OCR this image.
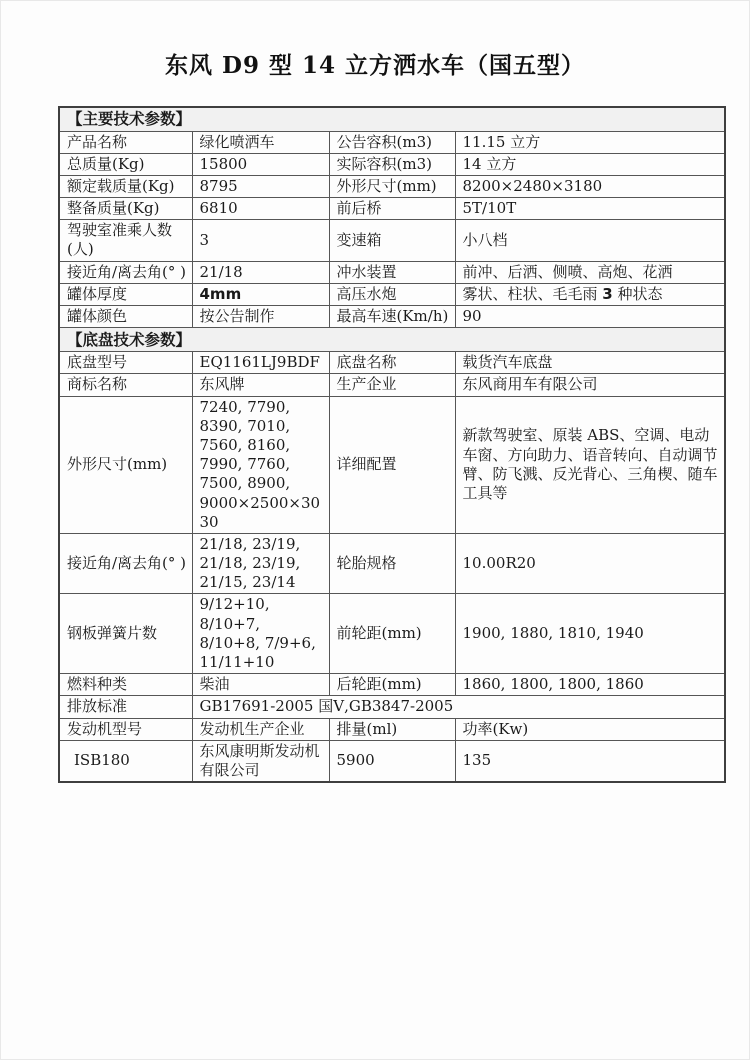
东风 D9 型 14 立方洒水车（国五型）
【主要技术参数】			
产品名称	绿化喷洒车	公告容积(m3)	11.15 立方
总质量(Kg)	15800	实际容积(m3)	14 立方
额定载质量(Kg)	8795	外形尺寸(mm)	8200×2480×3180
整备质量(Kg)	6810	前后桥	5T/10T
驾驶室准乘人数(人)	3	变速箱	小八档
接近角/离去角(° )	21/18	冲水装置	前冲、后洒、侧喷、高炮、花洒
罐体厚度	4mm	高压水炮	雾状、柱状、毛毛雨 3 种状态
罐体颜色	按公告制作	最高车速(Km/h)	90
【底盘技术参数】			
底盘型号	EQ1161LJ9BDF	底盘名称	载货汽车底盘
商标名称	东风牌	生产企业	东风商用车有限公司
外形尺寸(mm)	7240, 7790, 8390, 7010, 7560, 8160, 7990, 7760, 7500, 8900, 9000×2500×3030	详细配置	新款驾驶室、原装 ABS、空调、电动车窗、方向助力、语音转向、自动调节臂、防飞溅、反光背心、三角楔、随车工具等
接近角/离去角(° )	21/18, 23/19, 21/18, 23/19, 21/15, 23/14	轮胎规格	10.00R20
钢板弹簧片数	9/12+10, 8/10+7, 8/10+8, 7/9+6, 11/11+10	前轮距(mm)	1900, 1880, 1810, 1940
燃料种类	柴油	后轮距(mm)	1860, 1800, 1800, 1860
排放标准	GB17691-2005 国Ⅴ,GB3847-2005		
发动机型号	发动机生产企业	排量(ml)	功率(Kw)
ISB180	东风康明斯发动机有限公司	5900	135
